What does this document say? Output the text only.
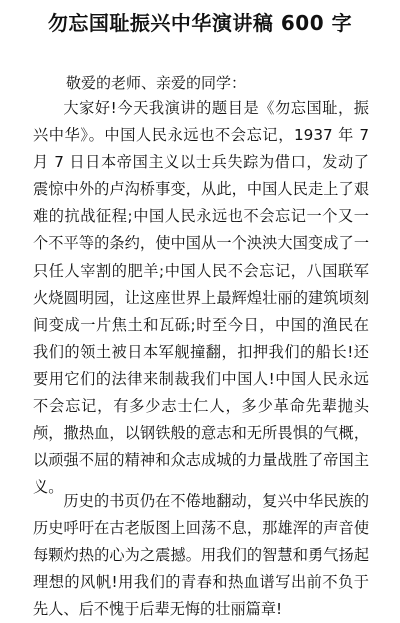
勿忘国耻振兴中华演讲稿 600 字
敬爱的老师、亲爱的同学：

大家好!今天我演讲的题目是《勿忘国耻，振兴中华》。中国人民永远也不会忘记，1937 年 7 月 7 日日本帝国主义以士兵失踪为借口，发动了震惊中外的卢沟桥事变，从此，中国人民走上了艰难的抗战征程;中国人民永远也不会忘记一个又一个不平等的条约，使中国从一个泱泱大国变成了一只任人宰割的肥羊;中国人民不会忘记，八国联军火烧圆明园，让这座世界上最辉煌壮丽的建筑顷刻间变成一片焦土和瓦砾;时至今日，中国的渔民在我们的领土被日本军舰撞翻，扣押我们的船长!还要用它们的法律来制裁我们中国人!中国人民永远不会忘记，有多少志士仁人，多少革命先辈抛头颅，撒热血，以钢铁般的意志和无所畏惧的气概，以顽强不屈的精神和众志成城的力量战胜了帝国主义。

历史的书页仍在不倦地翻动，复兴中华民族的历史呼吁在古老版图上回荡不息，那雄浑的声音使每颗灼热的心为之震撼。用我们的智慧和勇气扬起理想的风帆!用我们的青春和热血谱写出前不负于先人、后不愧于后辈无悔的壮丽篇章!
